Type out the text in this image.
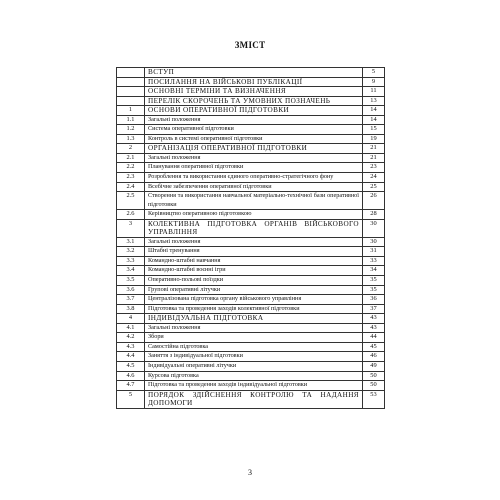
ЗМІСТ
	ВСТУП	5
	ПОСИЛАННЯ НА ВІЙСЬКОВІ ПУБЛІКАЦІЇ	9
	ОСНОВНІ ТЕРМІНИ ТА ВИЗНАЧЕННЯ	11
	ПЕРЕЛІК СКОРОЧЕНЬ ТА УМОВНИХ ПОЗНАЧЕНЬ	13
1	ОСНОВИ ОПЕРАТИВНОЇ ПІДГОТОВКИ	14
1.1	Загальні положення	14
1.2	Система оперативної підготовки	15
1.3	Контроль в системі оперативної підготовки	19
2	ОРГАНІЗАЦІЯ ОПЕРАТИВНОЇ ПІДГОТОВКИ	21
2.1	Загальні положення	21
2.2	Планування оперативної підготовки	23
2.3	Розроблення та використання єдиного оперативно-стратегічного фону	24
2.4	Всебічне забезпечення оперативної підготовки	25
2.5	Створення та використання навчальної матеріально-технічної бази оперативної підготовки	26
2.6	Керівництво оперативною підготовкою	28
3	КОЛЕКТИВНА ПІДГОТОВКА ОРГАНІВ ВІЙСЬКОВОГО УПРАВЛІННЯ	30
3.1	Загальні положення	30
3.2	Штабні тренування	31
3.3	Командно-штабні навчання	33
3.4	Командно-штабні воєнні ігри	34
3.5	Оперативно-польові поїздки	35
3.6	Групові оперативні літучки	35
3.7	Централізована підготовка органу військового управління	36
3.8	Підготовка та проведення заходів колективної підготовки	37
4	ІНДИВІДУАЛЬНА ПІДГОТОВКА	43
4.1	Загальні положення	43
4.2	Збори	44
4.3	Самостійна підготовка	45
4.4	Заняття з індивідуальної підготовки	46
4.5	Індивідуальні оперативні літучки	49
4.6	Курсова підготовка	50
4.7	Підготовка та проведення заходів індивідуальної підготовки	50
5	ПОРЯДОК ЗДІЙСНЕННЯ КОНТРОЛЮ ТА НАДАННЯ ДОПОМОГИ	53
3
